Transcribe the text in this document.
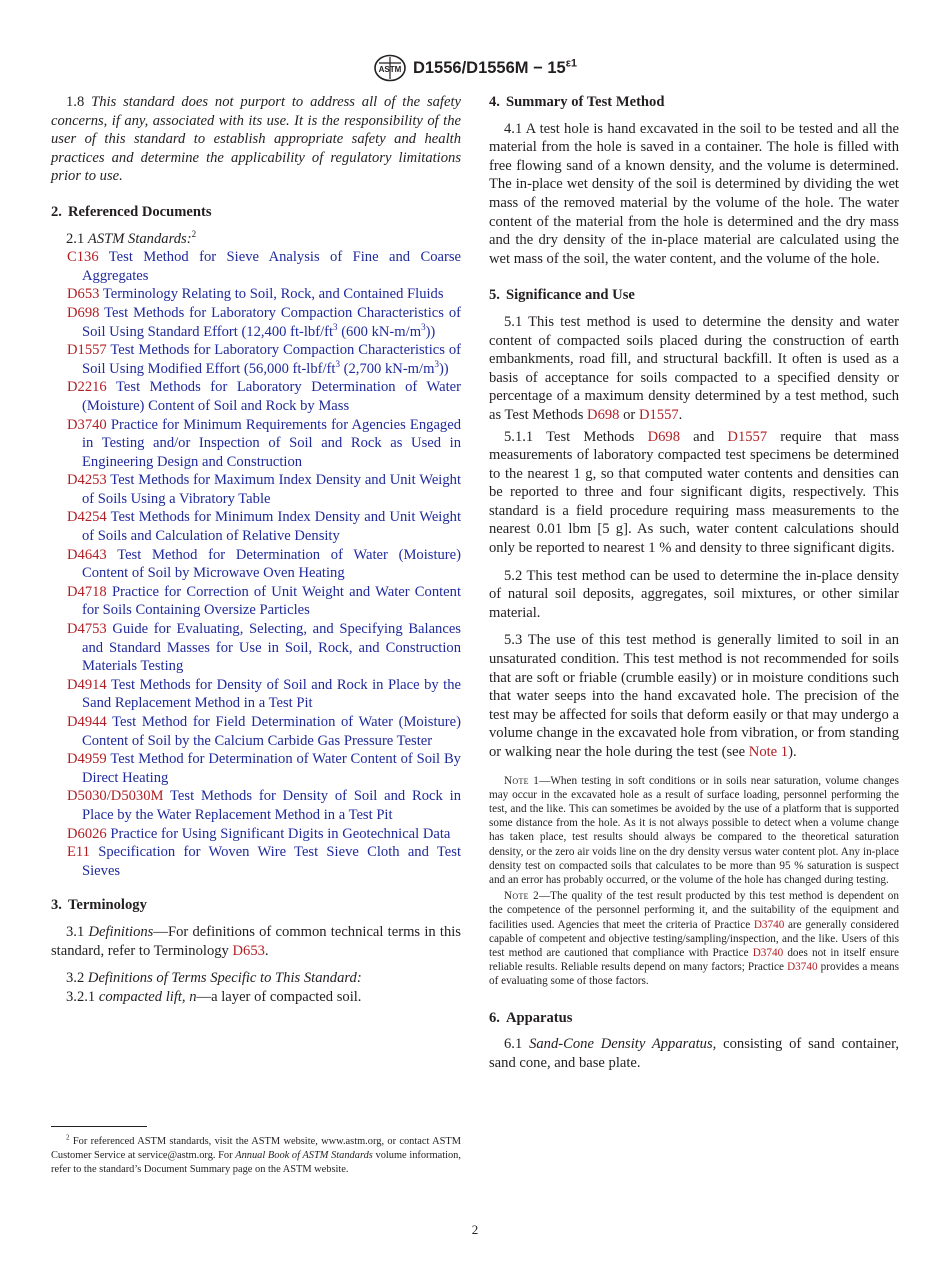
ASTM $D1556/D1556M - 15^{\varepsilon 1}$

1.8 This standard does not purport to address all of the safety concerns, if any, associated with its use. It is the responsibility of the user of this standard to establish appropriate safety and health practices and determine the applicability of regulatory limitations prior to use.

2. Referenced Documents

2.1 ASTM Standards:$^2$

C136 Test Method for Sieve Analysis of Fine and Coarse Aggregates

D653 Terminology Relating to Soil, Rock, and Contained Fluids

D698 Test Methods for Laboratory Compaction Characteristics of Soil Using Standard Effort (12,400 $ft-lbf/ft^3$ (600 $kN-m/m^3$))

D1557 Test Methods for Laboratory Compaction Characteristics of Soil Using Modified Effort (56,000 $ft-lbf/ft^3$ (2,700 $kN-m/m^3$))

D2216 Test Methods for Laboratory Determination of Water (Moisture) Content of Soil and Rock by Mass

D3740 Practice for Minimum Requirements for Agencies Engaged in Testing and/or Inspection of Soil and Rock as Used in Engineering Design and Construction

D4253 Test Methods for Maximum Index Density and Unit Weight of Soils Using a Vibratory Table

D4254 Test Methods for Minimum Index Density and Unit Weight of Soils and Calculation of Relative Density

D4643 Test Method for Determination of Water (Moisture) Content of Soil by Microwave Oven Heating

D4718 Practice for Correction of Unit Weight and Water Content for Soils Containing Oversize Particles

D4753 Guide for Evaluating, Selecting, and Specifying Balances and Standard Masses for Use in Soil, Rock, and Construction Materials Testing

D4914 Test Methods for Density of Soil and Rock in Place by the Sand Replacement Method in a Test Pit

D4944 Test Method for Field Determination of Water (Moisture) Content of Soil by the Calcium Carbide Gas Pressure Tester

D4959 Test Method for Determination of Water Content of Soil By Direct Heating

D5030/D5030M Test Methods for Density of Soil and Rock in Place by the Water Replacement Method in a Test Pit

D6026 Practice for Using Significant Digits in Geotechnical Data

E11 Specification for Woven Wire Test Sieve Cloth and Test Sieves

3. Terminology

3.1 Definitions—For definitions of common technical terms in this standard, refer to Terminology D653.

3.2 Definitions of Terms Specific to This Standard:

3.2.1 compacted lift, n—a layer of compacted soil.

$^2$ For referenced ASTM standards, visit the ASTM website, www.astm.org, or contact ASTM Customer Service at service@astm.org. For Annual Book of ASTM Standards volume information, refer to the standard’s Document Summary page on the ASTM website.

4. Summary of Test Method

4.1 A test hole is hand excavated in the soil to be tested and all the material from the hole is saved in a container. The hole is filled with free flowing sand of a known density, and the volume is determined. The in-place wet density of the soil is determined by dividing the wet mass of the removed material by the volume of the hole. The water content of the material from the hole is determined and the dry mass and the dry density of the in-place material are calculated using the wet mass of the soil, the water content, and the volume of the hole.

5. Significance and Use

5.1 This test method is used to determine the density and water content of compacted soils placed during the construction of earth embankments, road fill, and structural backfill. It often is used as a basis of acceptance for soils compacted to a specified density or percentage of a maximum density determined by a test method, such as Test Methods D698 or D1557.

5.1.1 Test Methods D698 and D1557 require that mass measurements of laboratory compacted test specimens be determined to the nearest 1 g, so that computed water contents and densities can be reported to three and four significant digits, respectively. This standard is a field procedure requiring mass measurements to the nearest 0.01 lbm [5 g]. As such, water content calculations should only be reported to nearest 1 % and density to three significant digits.

5.2 This test method can be used to determine the in-place density of natural soil deposits, aggregates, soil mixtures, or other similar material.

5.3 The use of this test method is generally limited to soil in an unsaturated condition. This test method is not recommended for soils that are soft or friable (crumble easily) or in moisture conditions such that water seeps into the hand excavated hole. The precision of the test may be affected for soils that deform easily or that may undergo a volume change in the excavated hole from vibration, or from standing or walking near the hole during the test (see Note 1).

Note 1—When testing in soft conditions or in soils near saturation, volume changes may occur in the excavated hole as a result of surface loading, personnel performing the test, and the like. This can sometimes be avoided by the use of a platform that is supported some distance from the hole. As it is not always possible to detect when a volume change has taken place, test results should always be compared to the theoretical saturation density, or the zero air voids line on the dry density versus water content plot. Any in-place density test on compacted soils that calculates to be more than 95 % saturation is suspect and an error has probably occurred, or the volume of the hole has changed during testing.

Note 2—The quality of the test result producted by this test method is dependent on the competence of the personnel performing it, and the suitability of the equipment and facilities used. Agencies that meet the criteria of Practice D3740 are generally considered capable of competent and objective testing/sampling/inspection, and the like. Users of this test method are cautioned that compliance with Practice D3740 does not in itself ensure reliable results. Reliable results depend on many factors; Practice D3740 provides a means of evaluating some of those factors.

6. Apparatus

6.1 Sand-Cone Density Apparatus, consisting of sand container, sand cone, and base plate.

2
